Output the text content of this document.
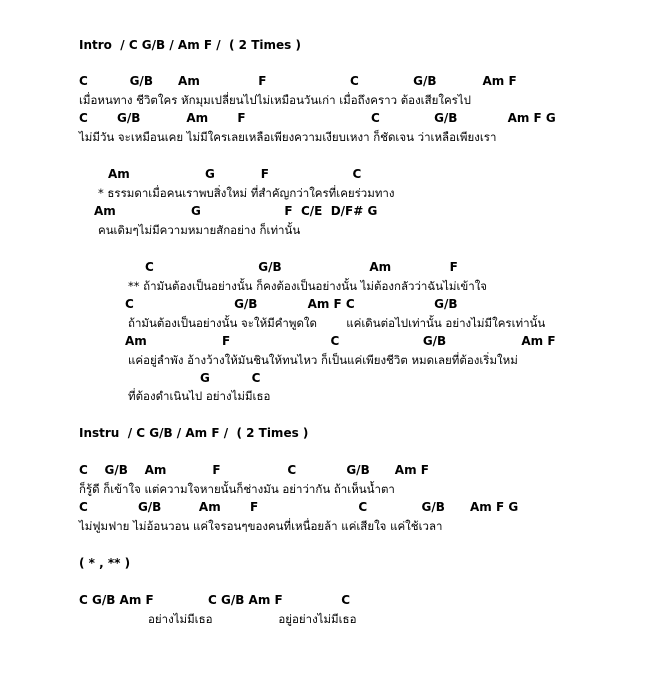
Intro  / C G/B / Am F /  ( 2 Times )
C          G/B      Am              F                    C             G/B           Am F
เมื่อหนทาง ชีวิตใคร หักมุมเปลี่ยนไปไม่เหมือนวันเก่า เมื่อถึงคราว ต้องเสียใครไป
C       G/B           Am       F                              C             G/B            Am F G
ไม่มีวัน จะเหมือนเคย ไม่มีใครเลยเหลือเพียงความเงียบเหงา ก็ชัดเจน ว่าเหลือเพียงเรา
Am                  G           F                    C
* ธรรมดาเมื่อคนเราพบสิ่งใหม่ ที่สำคัญกว่าใครที่เคยร่วมทาง
Am                  G                    F  C/E  D/F# G
คนเดิมๆไม่มีความหมายสักอย่าง ก็เท่านั้น
C                         G/B                     Am              F
** ถ้ามันต้องเป็นอย่างนั้น ก็คงต้องเป็นอย่างนั้น ไม่ต้องกลัวว่าฉันไม่เข้าใจ
C                        G/B            Am F C                   G/B
ถ้ามันต้องเป็นอย่างนั้น จะให้มีคำพูดใด        แค่เดินต่อไปเท่านั้น อย่างไม่มีใครเท่านั้น
Am                  F                        C                    G/B                  Am F
แค่อยู่ลำพัง อ้างว้างให้มันชินให้ทนไหว ก็เป็นแค่เพียงชีวิต หมดเลยที่ต้องเริ่มใหม่
G          C
ที่ต้องดำเนินไป อย่างไม่มีเธอ
Instru  / C G/B / Am F /  ( 2 Times )
C    G/B    Am           F                C            G/B      Am F
ก็รู้ดี ก็เข้าใจ แต่ความใจหายนั้นก็ช่างมัน อย่าว่ากัน ถ้าเห็นน้ำตา
C            G/B         Am       F                        C             G/B      Am F G
ไม่ฟูมฟาย ไม่อ้อนวอน แค่ใจรอนๆของคนที่เหนื่อยล้า แค่เสียใจ แค่ใช้เวลา
( * , ** )
C G/B Am F             C G/B Am F              C
อย่างไม่มีเธอ                  อยู่อย่างไม่มีเธอ
